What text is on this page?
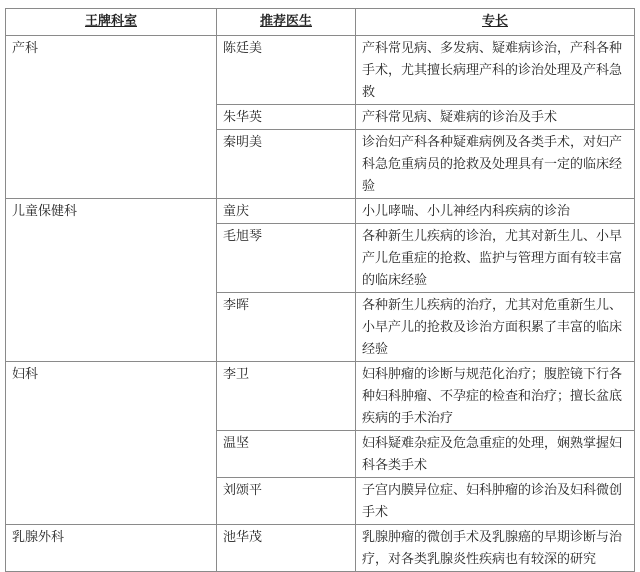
王牌科室	推荐医生	专长
产科	陈廷美	产科常见病、多发病、疑难病诊治，产科各种手术，尤其擅长病理产科的诊治处理及产科急救
	朱华英	产科常见病、疑难病的诊治及手术
	秦明美	诊治妇产科各种疑难病例及各类手术，对妇产科急危重病员的抢救及处理具有一定的临床经验
儿童保健科	童庆	小儿哮喘、小儿神经内科疾病的诊治
	毛旭琴	各种新生儿疾病的诊治，尤其对新生儿、小早产儿危重症的抢救、监护与管理方面有较丰富的临床经验
	李晖	各种新生儿疾病的治疗，尤其对危重新生儿、小早产儿的抢救及诊治方面积累了丰富的临床经验
妇科	李卫	妇科肿瘤的诊断与规范化治疗；腹腔镜下行各种妇科肿瘤、不孕症的检查和治疗；擅长盆底疾病的手术治疗
	温坚	妇科疑难杂症及危急重症的处理，娴熟掌握妇科各类手术
	刘颂平	子宫内膜异位症、妇科肿瘤的诊治及妇科微创手术
乳腺外科	池华茂	乳腺肿瘤的微创手术及乳腺癌的早期诊断与治疗，对各类乳腺炎性疾病也有较深的研究
